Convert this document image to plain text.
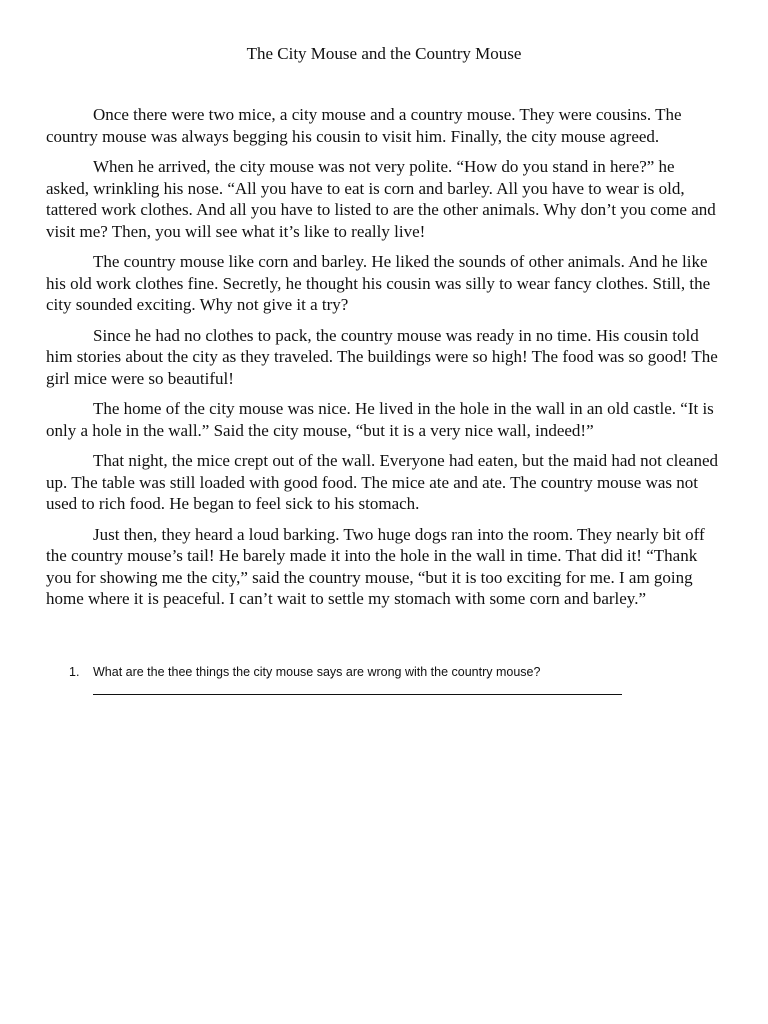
The City Mouse and the Country Mouse

Once there were two mice, a city mouse and a country mouse. They were cousins. The country mouse was always begging his cousin to visit him. Finally, the city mouse agreed.

When he arrived, the city mouse was not very polite. “How do you stand in here?” he asked, wrinkling his nose. “All you have to eat is corn and barley. All you have to wear is old, tattered work clothes. And all you have to listed to are the other animals. Why don’t you come and visit me? Then, you will see what it’s like to really live!

The country mouse like corn and barley. He liked the sounds of other animals. And he like his old work clothes fine. Secretly, he thought his cousin was silly to wear fancy clothes. Still, the city sounded exciting. Why not give it a try?

Since he had no clothes to pack, the country mouse was ready in no time. His cousin told him stories about the city as they traveled. The buildings were so high! The food was so good! The girl mice were so beautiful!

The home of the city mouse was nice. He lived in the hole in the wall in an old castle. “It is only a hole in the wall.” Said the city mouse, “but it is a very nice wall, indeed!”

That night, the mice crept out of the wall. Everyone had eaten, but the maid had not cleaned up. The table was still loaded with good food. The mice ate and ate. The country mouse was not used to rich food. He began to feel sick to his stomach.

Just then, they heard a loud barking. Two huge dogs ran into the room. They nearly bit off the country mouse’s tail! He barely made it into the hole in the wall in time. That did it! “Thank you for showing me the city,” said the country mouse, “but it is too exciting for me. I am going home where it is peaceful. I can’t wait to settle my stomach with some corn and barley.”

1.	What are the thee things the city mouse says are wrong with the country mouse?
